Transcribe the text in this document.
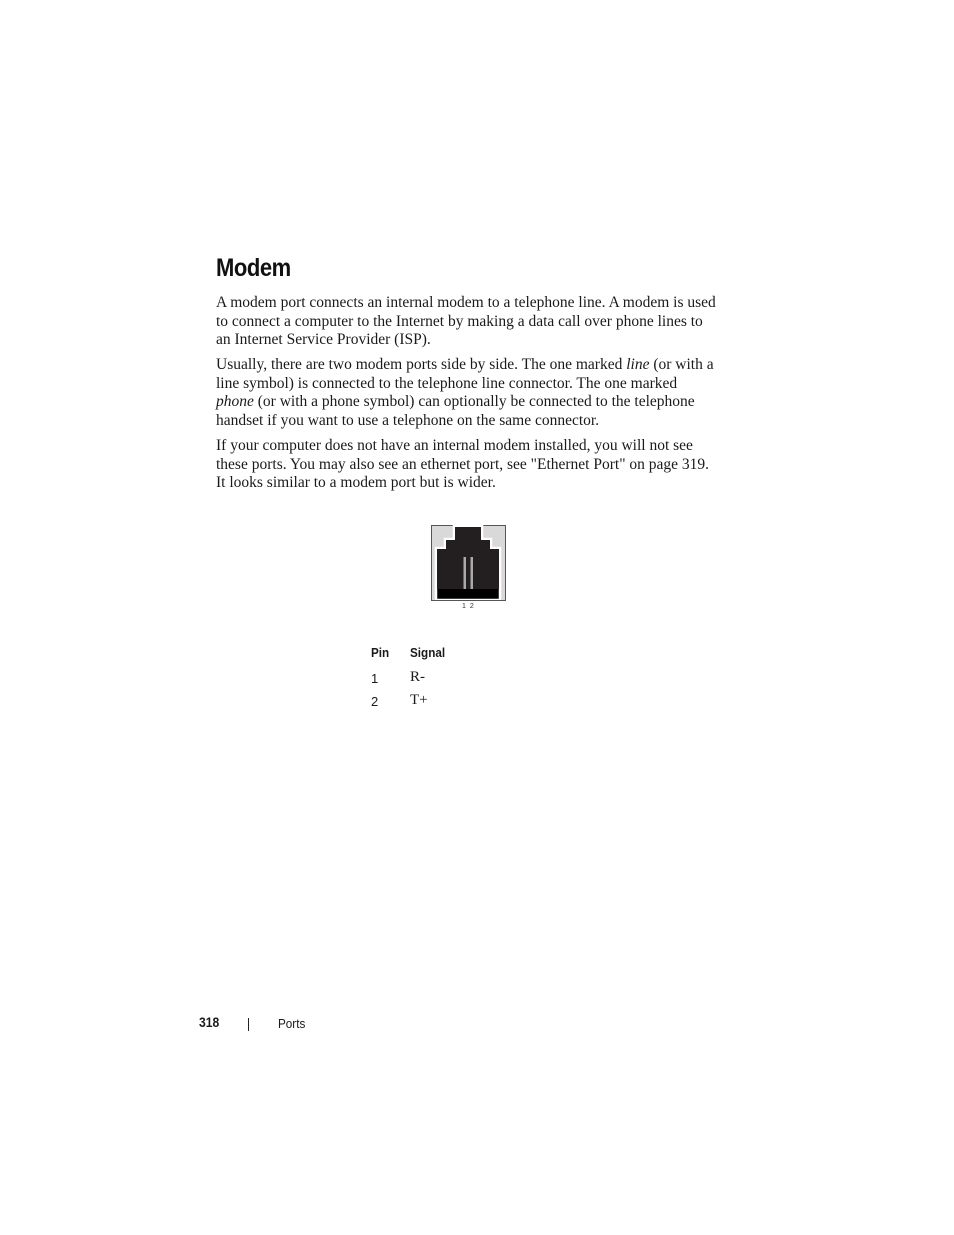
Modem

A modem port connects an internal modem to a telephone line. A modem is used to connect a computer to the Internet by making a data call over phone lines to an Internet Service Provider (ISP).

Usually, there are two modem ports side by side. The one marked line (or with a line symbol) is connected to the telephone line connector. The one marked phone (or with a phone symbol) can optionally be connected to the telephone handset if you want to use a telephone on the same connector.

If your computer does not have an internal modem installed, you will not see these ports. You may also see an ethernet port, see "Ethernet Port" on page 319. It looks similar to a modem port but is wider.

1 2
Pin	Signal
1	R-
2	T+
318	Ports
